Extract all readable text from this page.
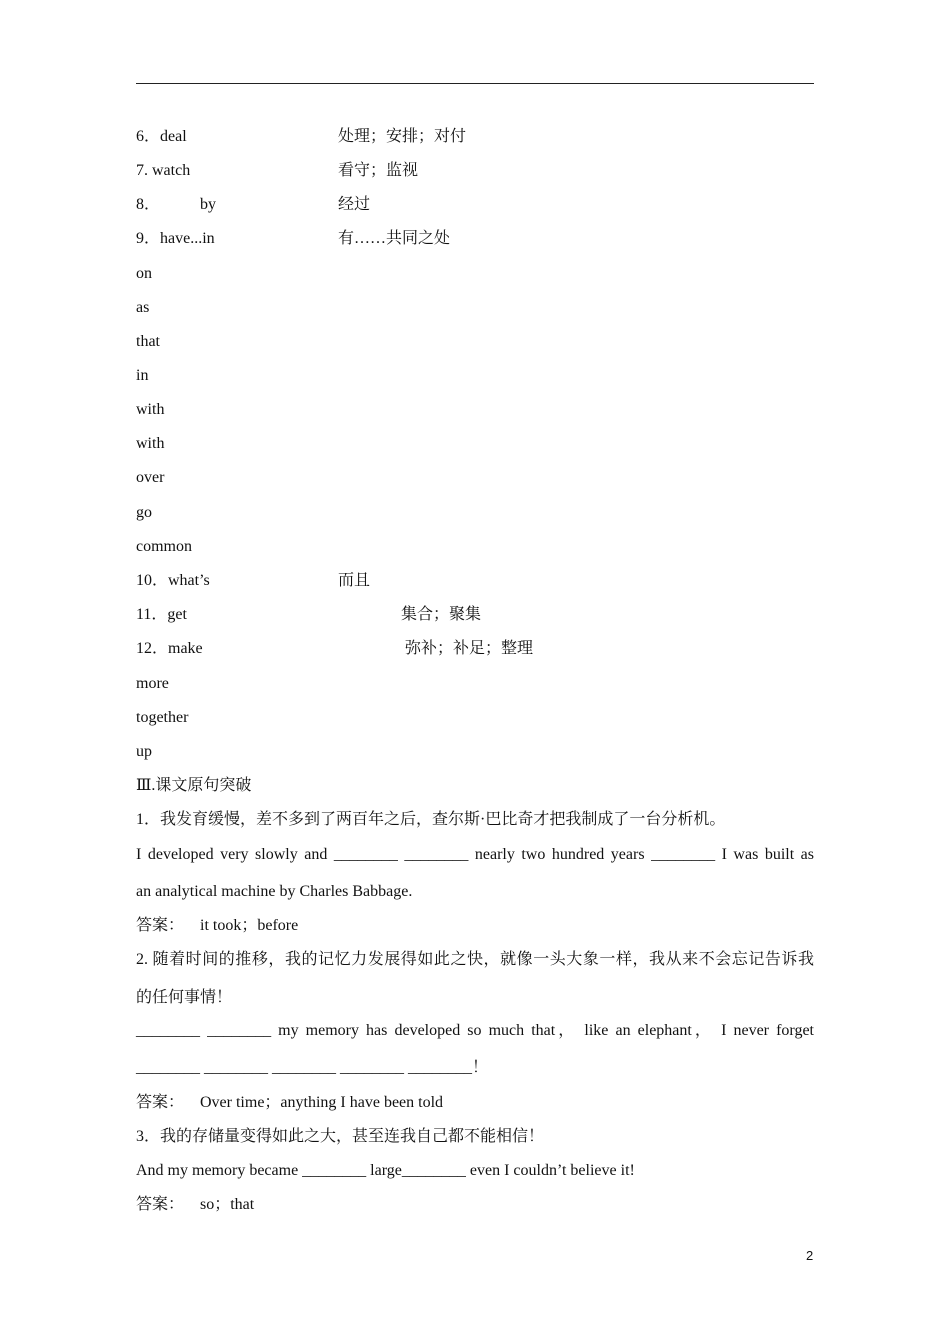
6．deal	处理；安排；对付
7. watch	看守；监视
8．          by	经过
9．have...in	有……共同之处
on
as
that
in
with
with
over
go
common
10．what’s	而且
11．get	集合；聚集
12．make	弥补；补足；整理
more
together
up
Ⅲ.课文原句突破
1．我发育缓慢，差不多到了两百年之后，查尔斯·巴比奇才把我制成了一台分析机。
I developed very slowly and ________ ________ nearly two hundred years ________ I was built as
an analytical machine by Charles Babbage.
答案：    it took；before
2. 随着时间的推移，我的记忆力发展得如此之快，就像一头大象一样，我从来不会忘记告诉我
的任何事情！
________ ________ my memory has developed so much that， like an elephant， I never forget
________ ________ ________ ________ ________！
答案：    Over time；anything I have been told
3．我的存储量变得如此之大，甚至连我自己都不能相信！
And my memory became ________ large________ even I couldn’t believe it!
答案：    so；that
2
